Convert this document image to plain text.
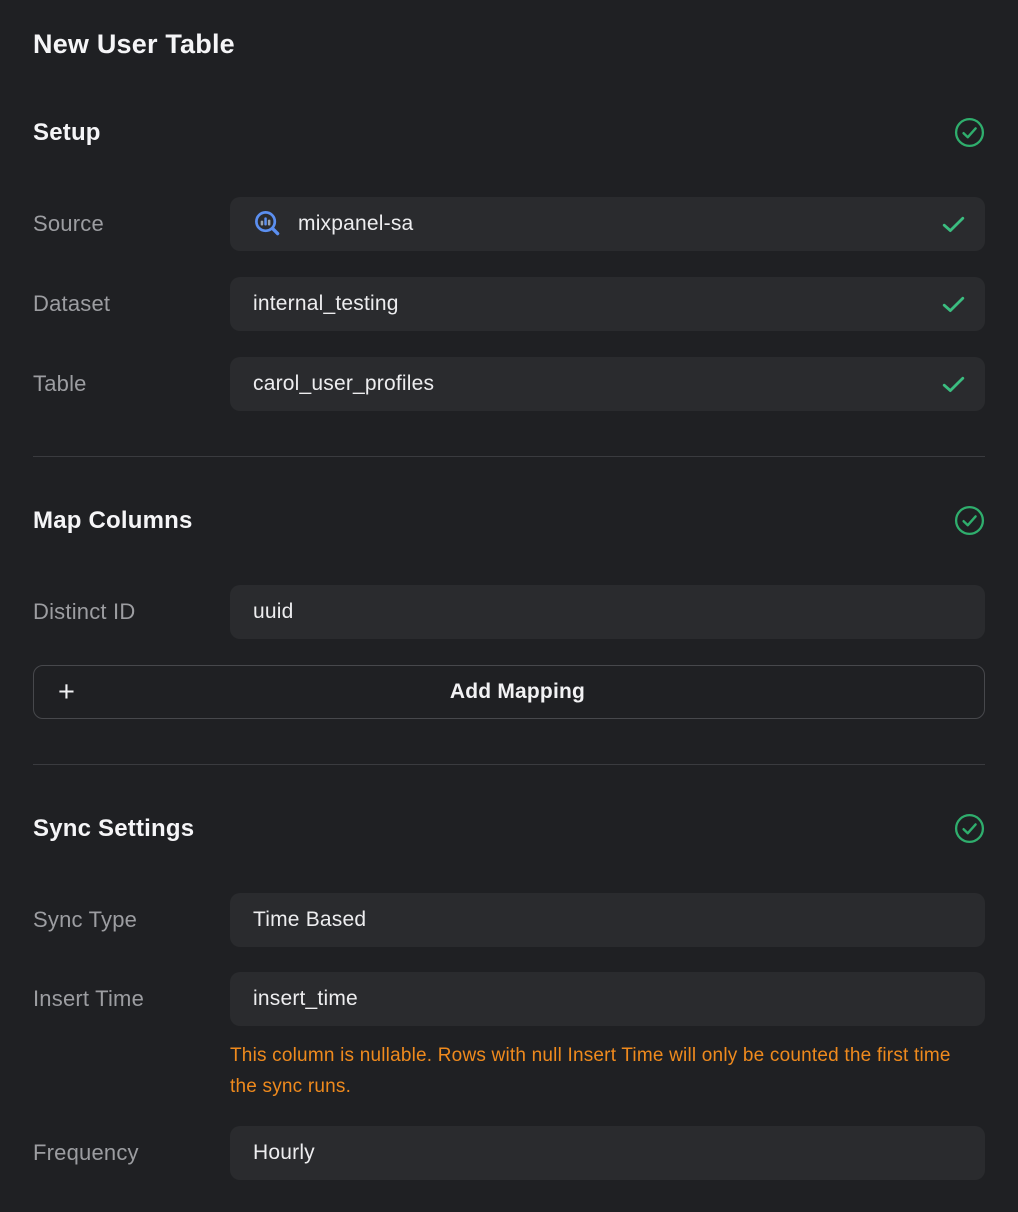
New User Table
Setup
Source	mixpanel-sa
Dataset	internal_testing
Table	carol_user_profiles
Map Columns
Distinct ID	uuid
+	Add Mapping
Sync Settings
Sync Type	Time Based
Insert Time	insert_time
This column is nullable. Rows with null Insert Time will only be counted the first time the sync runs.
Frequency	Hourly
